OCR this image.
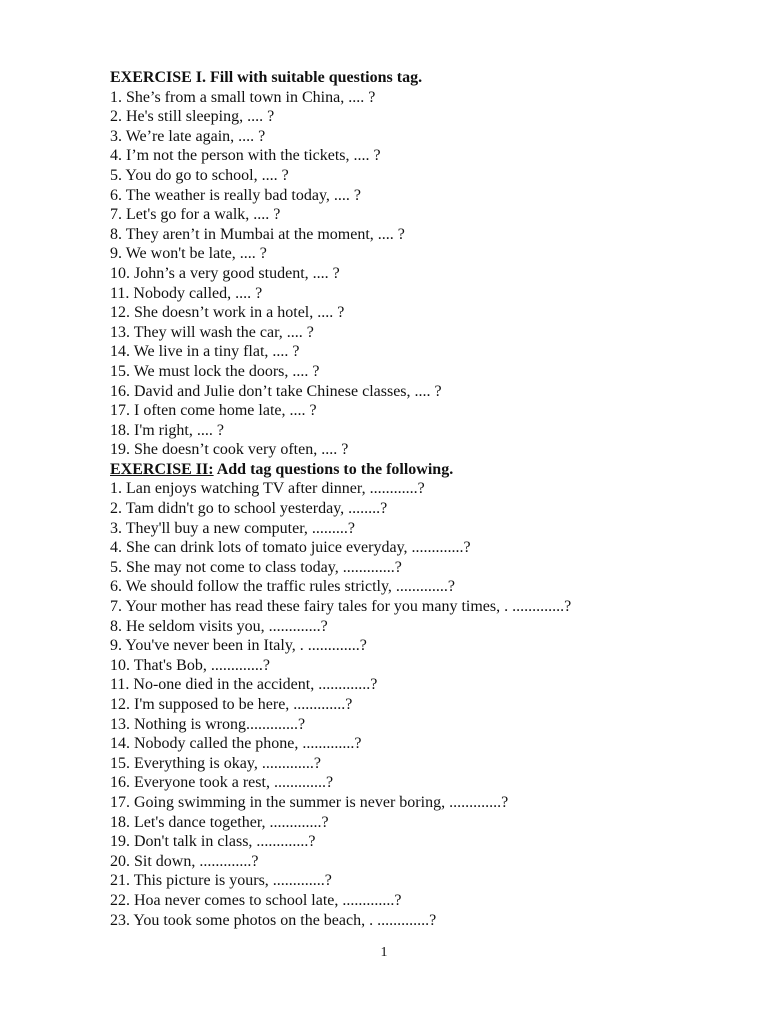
EXERCISE I. Fill with suitable questions tag.
1. She’s from a small town in China, .... ?
2. He's still sleeping, .... ?
3. We’re late again, .... ?
4. I’m not the person with the tickets, .... ?
5. You do go to school, .... ?
6. The weather is really bad today, .... ?
7. Let's go for a walk, .... ?
8. They aren’t in Mumbai at the moment, .... ?
9. We won't be late, .... ?
10. John’s a very good student, .... ?
11. Nobody called, .... ?
12. She doesn’t work in a hotel, .... ?
13. They will wash the car, .... ?
14. We live in a tiny flat, .... ?
15. We must lock the doors, .... ?
16. David and Julie don’t take Chinese classes, .... ?
17. I often come home late, .... ?
18. I'm right, .... ?
19. She doesn’t cook very often, .... ?
EXERCISE II: Add tag questions to the following.
1. Lan enjoys watching TV after dinner, ............?
2. Tam didn't go to school yesterday, ........?
3. They'll buy a new computer, .........?
4. She can drink lots of tomato juice everyday, .............?
5. She may not come to class today, .............?
6. We should follow the traffic rules strictly, .............?
7. Your mother has read these fairy tales for you many times, . .............?
8. He seldom visits you, .............?
9. You've never been in Italy, . .............?
10. That's Bob, .............?
11. No-one died in the accident, .............?
12. I'm supposed to be here, .............?
13. Nothing is wrong.............?
14. Nobody called the phone, .............?
15. Everything is okay, .............?
16. Everyone took a rest, .............?
17. Going swimming in the summer is never boring, .............?
18. Let's dance together, .............?
19. Don't talk in class, .............?
20. Sit down, .............?
21. This picture is yours, .............?
22. Hoa never comes to school late, .............?
23. You took some photos on the beach, . .............?
1
